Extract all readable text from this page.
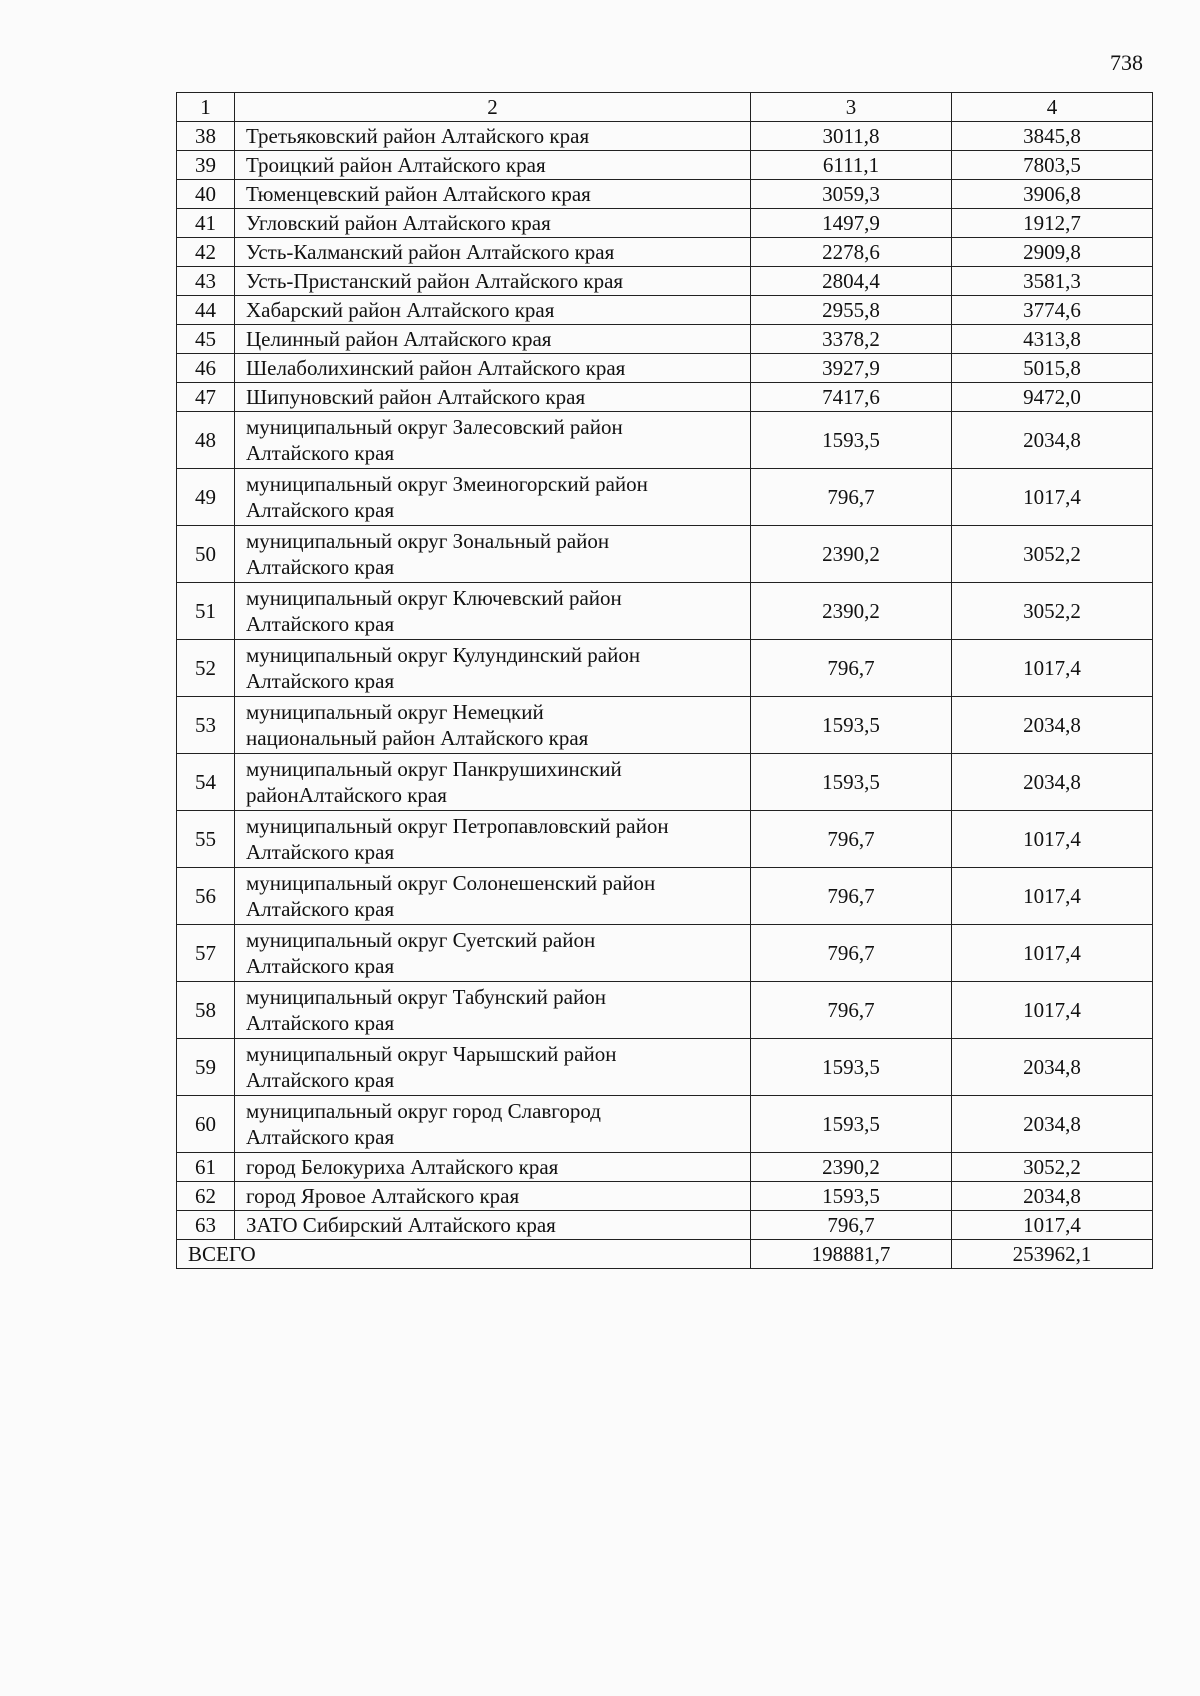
738
1	2	3	4
38	Третьяковский район Алтайского края	3011,8	3845,8
39	Троицкий район Алтайского края	6111,1	7803,5
40	Тюменцевский район Алтайского края	3059,3	3906,8
41	Угловский район Алтайского края	1497,9	1912,7
42	Усть-Калманский район Алтайского края	2278,6	2909,8
43	Усть-Пристанский район Алтайского края	2804,4	3581,3
44	Хабарский район Алтайского края	2955,8	3774,6
45	Целинный район Алтайского края	3378,2	4313,8
46	Шелаболихинский район Алтайского края	3927,9	5015,8
47	Шипуновский район Алтайского края	7417,6	9472,0
48	муниципальный округ Залесовский район
Алтайского края	1593,5	2034,8
49	муниципальный округ Змеиногорский район
Алтайского края	796,7	1017,4
50	муниципальный округ Зональный район
Алтайского края	2390,2	3052,2
51	муниципальный округ Ключевский район
Алтайского края	2390,2	3052,2
52	муниципальный округ Кулундинский район
Алтайского края	796,7	1017,4
53	муниципальный округ Немецкий
национальный район Алтайского края	1593,5	2034,8
54	муниципальный округ Панкрушихинский
районАлтайского края	1593,5	2034,8
55	муниципальный округ Петропавловский район
Алтайского края	796,7	1017,4
56	муниципальный округ Солонешенский район
Алтайского края	796,7	1017,4
57	муниципальный округ Суетский район
Алтайского края	796,7	1017,4
58	муниципальный округ Табунский район
Алтайского края	796,7	1017,4
59	муниципальный округ Чарышский район
Алтайского края	1593,5	2034,8
60	муниципальный округ город Славгород
Алтайского края	1593,5	2034,8
61	город Белокуриха Алтайского края	2390,2	3052,2
62	город Яровое Алтайского края	1593,5	2034,8
63	ЗАТО Сибирский Алтайского края	796,7	1017,4
ВСЕГО		198881,7	253962,1
